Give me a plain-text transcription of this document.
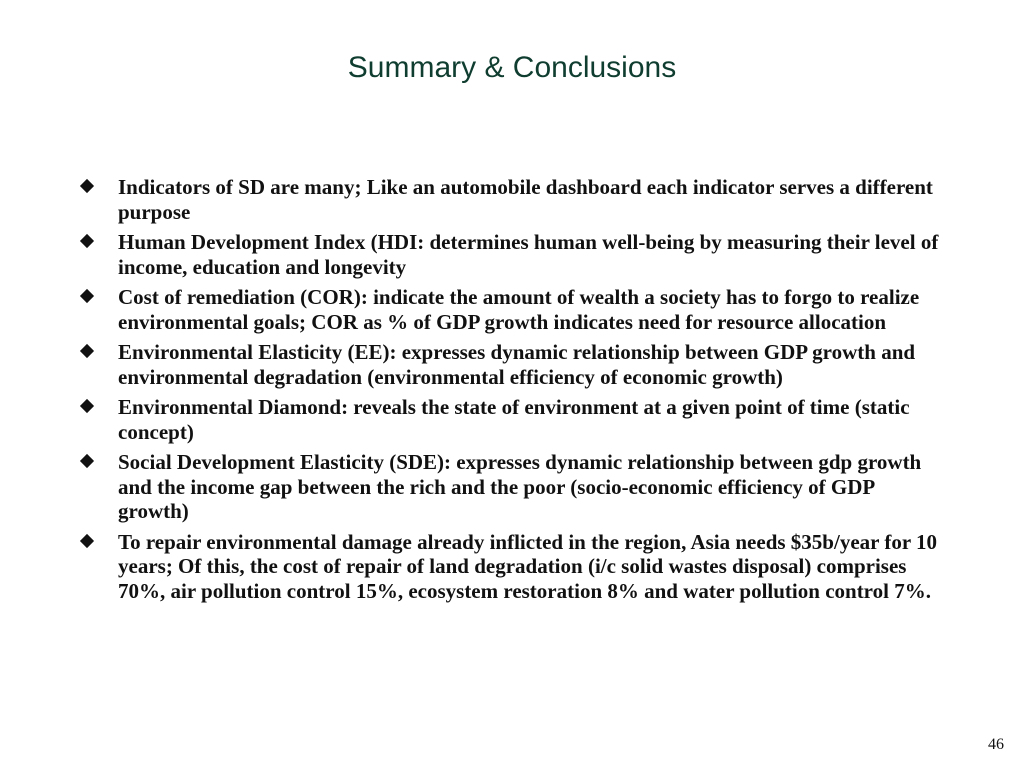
Summary & Conclusions
Indicators of SD are many; Like an automobile dashboard each indicator serves a different purpose
Human Development Index (HDI: determines human well-being by measuring their level of income, education and longevity
Cost of remediation (COR): indicate the amount of wealth a society has to forgo to realize environmental goals; COR as % of GDP growth indicates need for resource allocation
Environmental Elasticity (EE): expresses dynamic relationship between GDP growth and environmental degradation (environmental efficiency of economic growth)
Environmental Diamond: reveals the state of environment at a given point of time (static concept)
Social Development Elasticity (SDE): expresses dynamic relationship between gdp growth and the income gap between the rich and the poor (socio-economic efficiency of GDP growth)
To repair environmental damage already inflicted in the region, Asia needs $35b/year for 10 years; Of this, the cost of repair of land degradation (i/c solid wastes disposal) comprises 70%, air pollution control 15%, ecosystem restoration 8% and water pollution control 7%.
46
